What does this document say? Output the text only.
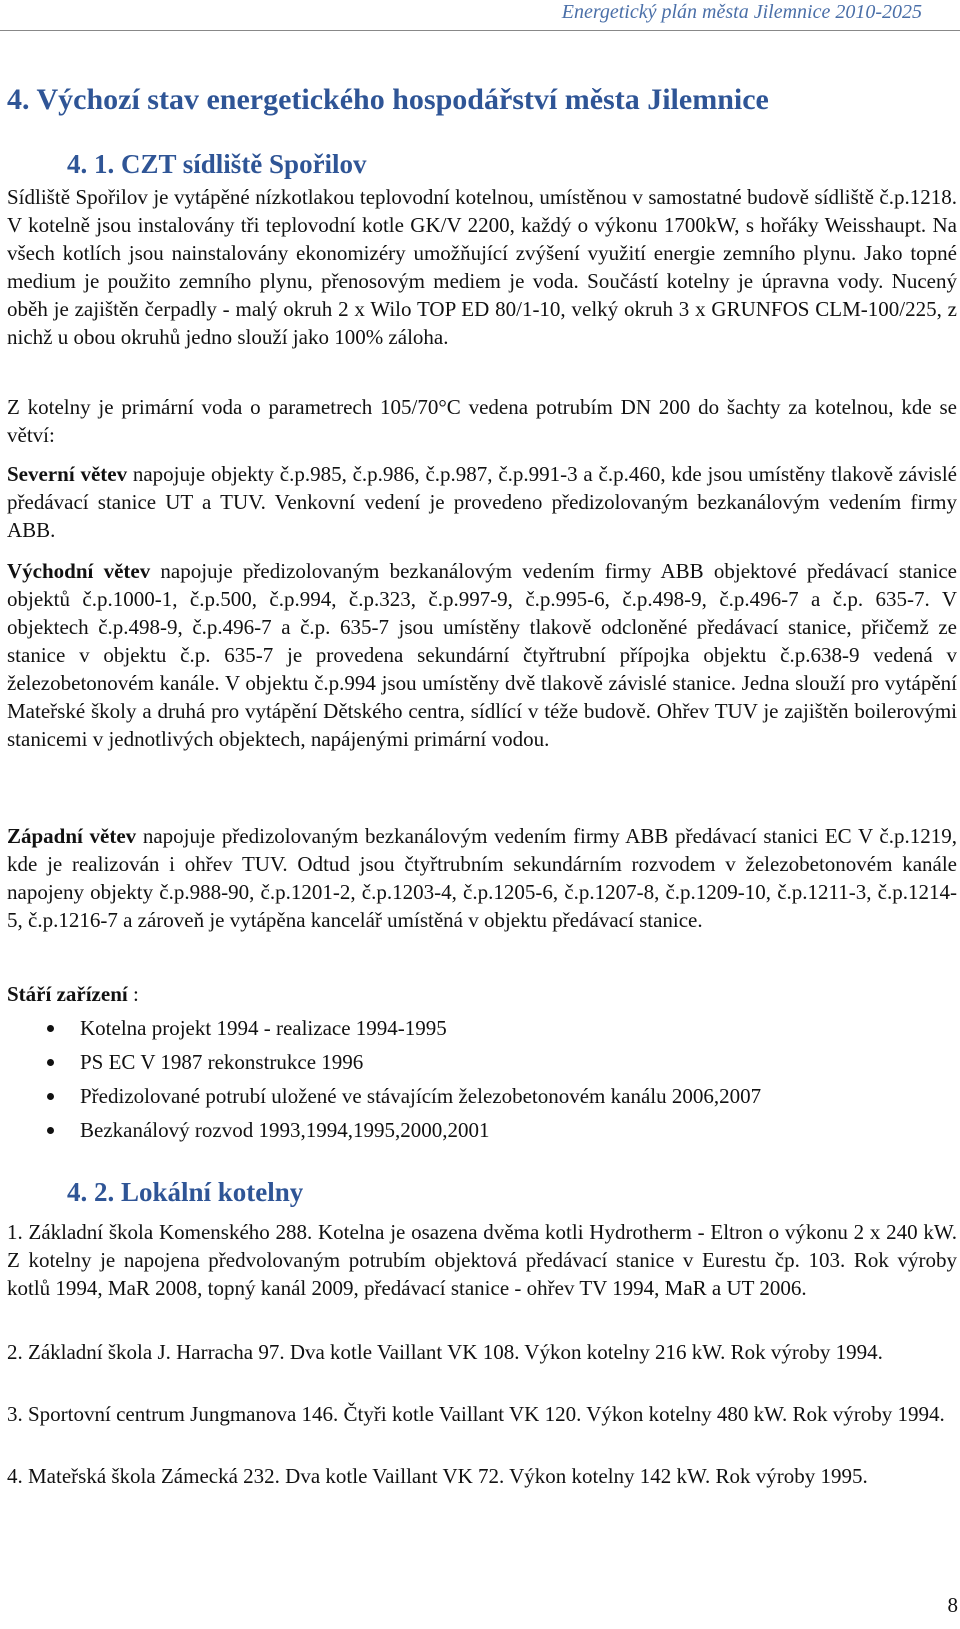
Energetický plán města Jilemnice 2010-2025
4. Výchozí stav energetického hospodářství města Jilemnice
4. 1. CZT sídliště Spořilov

Sídliště Spořilov je vytápěné nízkotlakou teplovodní kotelnou, umístěnou v samostatné budově sídliště č.p.1218. V kotelně jsou instalovány tři teplovodní kotle GK/V 2200, každý o výkonu 1700kW, s hořáky Weisshaupt. Na všech kotlích jsou nainstalovány ekonomizéry umožňující zvýšení využití energie zemního plynu. Jako topné medium je použito zemního plynu, přenosovým mediem je voda. Součástí kotelny je úpravna vody. Nucený oběh je zajištěn čerpadly - malý okruh 2 x Wilo TOP ED 80/1-10, velký okruh 3 x GRUNFOS CLM-100/225, z nichž u obou okruhů jedno slouží jako 100% záloha.

Z kotelny je primární voda o parametrech 105/70°C vedena potrubím DN 200 do šachty za kotelnou, kde se větví:

Severní větev napojuje objekty č.p.985, č.p.986, č.p.987, č.p.991-3 a č.p.460, kde jsou umístěny tlakově závislé předávací stanice UT a TUV. Venkovní vedení je provedeno předizolovaným bezkanálovým vedením firmy ABB.

Východní větev napojuje předizolovaným bezkanálovým vedením firmy ABB objektové předávací stanice objektů č.p.1000-1, č.p.500, č.p.994, č.p.323, č.p.997-9, č.p.995-6, č.p.498-9, č.p.496-7 a č.p. 635-7. V objektech č.p.498-9, č.p.496-7 a č.p. 635-7 jsou umístěny tlakově odcloněné předávací stanice, přičemž ze stanice v objektu č.p. 635-7 je provedena sekundární čtyřtrubní přípojka objektu č.p.638-9 vedená v železobetonovém kanále. V objektu č.p.994 jsou umístěny dvě tlakově závislé stanice. Jedna slouží pro vytápění Mateřské školy a druhá pro vytápění Dětského centra, sídlící v téže budově. Ohřev TUV je zajištěn boilerovými stanicemi v jednotlivých objektech, napájenými primární vodou.

Západní větev napojuje předizolovaným bezkanálovým vedením firmy ABB předávací stanici EC V č.p.1219, kde je realizován i ohřev TUV. Odtud jsou čtyřtrubním sekundárním rozvodem v železobetonovém kanále napojeny objekty č.p.988-90, č.p.1201-2, č.p.1203-4, č.p.1205-6, č.p.1207-8, č.p.1209-10, č.p.1211-3, č.p.1214-5, č.p.1216-7 a zároveň je vytápěna kancelář umístěná v objektu předávací stanice.

Stáří zařízení :

Kotelna projekt 1994 - realizace 1994-1995
PS EC V 1987 rekonstrukce 1996
Předizolované potrubí uložené ve stávajícím železobetonovém kanálu 2006,2007
Bezkanálový rozvod 1993,1994,1995,2000,2001
4. 2. Lokální kotelny

1. Základní škola Komenského 288. Kotelna je osazena dvěma kotli Hydrotherm - Eltron o výkonu 2 x 240 kW. Z kotelny je napojena předvolovaným potrubím objektová předávací stanice v Eurestu čp. 103. Rok výroby kotlů 1994, MaR 2008, topný kanál 2009, předávací stanice - ohřev TV 1994, MaR a UT 2006.

2. Základní škola J. Harracha 97. Dva kotle Vaillant VK 108. Výkon kotelny 216 kW. Rok výroby 1994.

3. Sportovní centrum Jungmanova 146. Čtyři kotle Vaillant VK 120. Výkon kotelny 480 kW. Rok výroby 1994.

4. Mateřská škola Zámecká 232. Dva kotle Vaillant VK 72. Výkon kotelny 142 kW. Rok výroby 1995.

8
